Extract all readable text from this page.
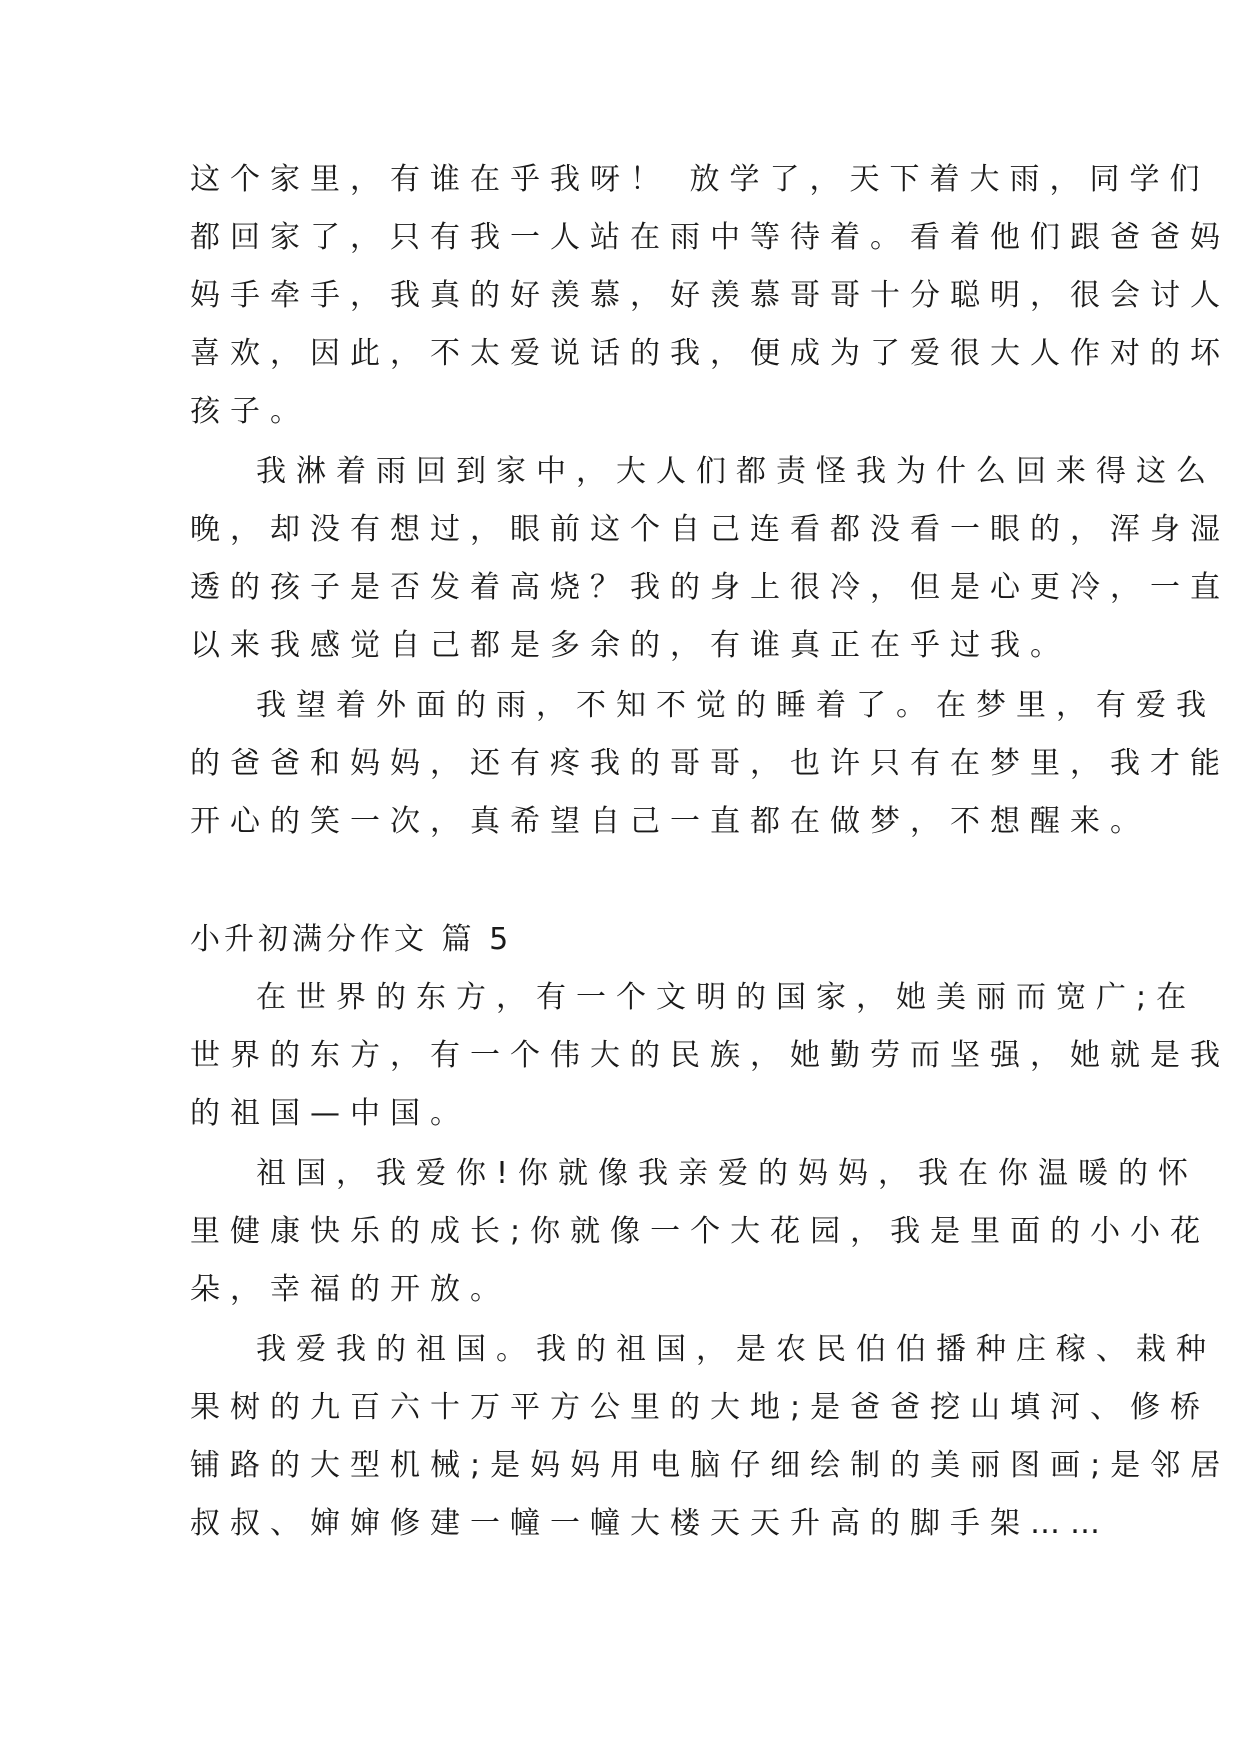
这个家里，有谁在乎我呀！ 放学了，天下着大雨，同学们
都回家了，只有我一人站在雨中等待着。看着他们跟爸爸妈
妈手牵手，我真的好羡慕，好羡慕哥哥十分聪明，很会讨人
喜欢，因此，不太爱说话的我，便成为了爱很大人作对的坏
孩子。
我淋着雨回到家中，大人们都责怪我为什么回来得这么
晚，却没有想过，眼前这个自己连看都没看一眼的，浑身湿
透的孩子是否发着高烧？我的身上很冷，但是心更冷，一直
以来我感觉自己都是多余的，有谁真正在乎过我。
我望着外面的雨，不知不觉的睡着了。在梦里，有爱我
的爸爸和妈妈，还有疼我的哥哥，也许只有在梦里，我才能
开心的笑一次，真希望自己一直都在做梦，不想醒来。
小升初满分作文 篇 5
在世界的东方，有一个文明的国家，她美丽而宽广;在
世界的东方，有一个伟大的民族，她勤劳而坚强，她就是我
的祖国—中国。
祖国，我爱你!你就像我亲爱的妈妈，我在你温暖的怀
里健康快乐的成长;你就像一个大花园，我是里面的小小花
朵，幸福的开放。
我爱我的祖国。我的祖国，是农民伯伯播种庄稼、栽种
果树的九百六十万平方公里的大地;是爸爸挖山填河、修桥
铺路的大型机械;是妈妈用电脑仔细绘制的美丽图画;是邻居
叔叔、婶婶修建一幢一幢大楼天天升高的脚手架……
